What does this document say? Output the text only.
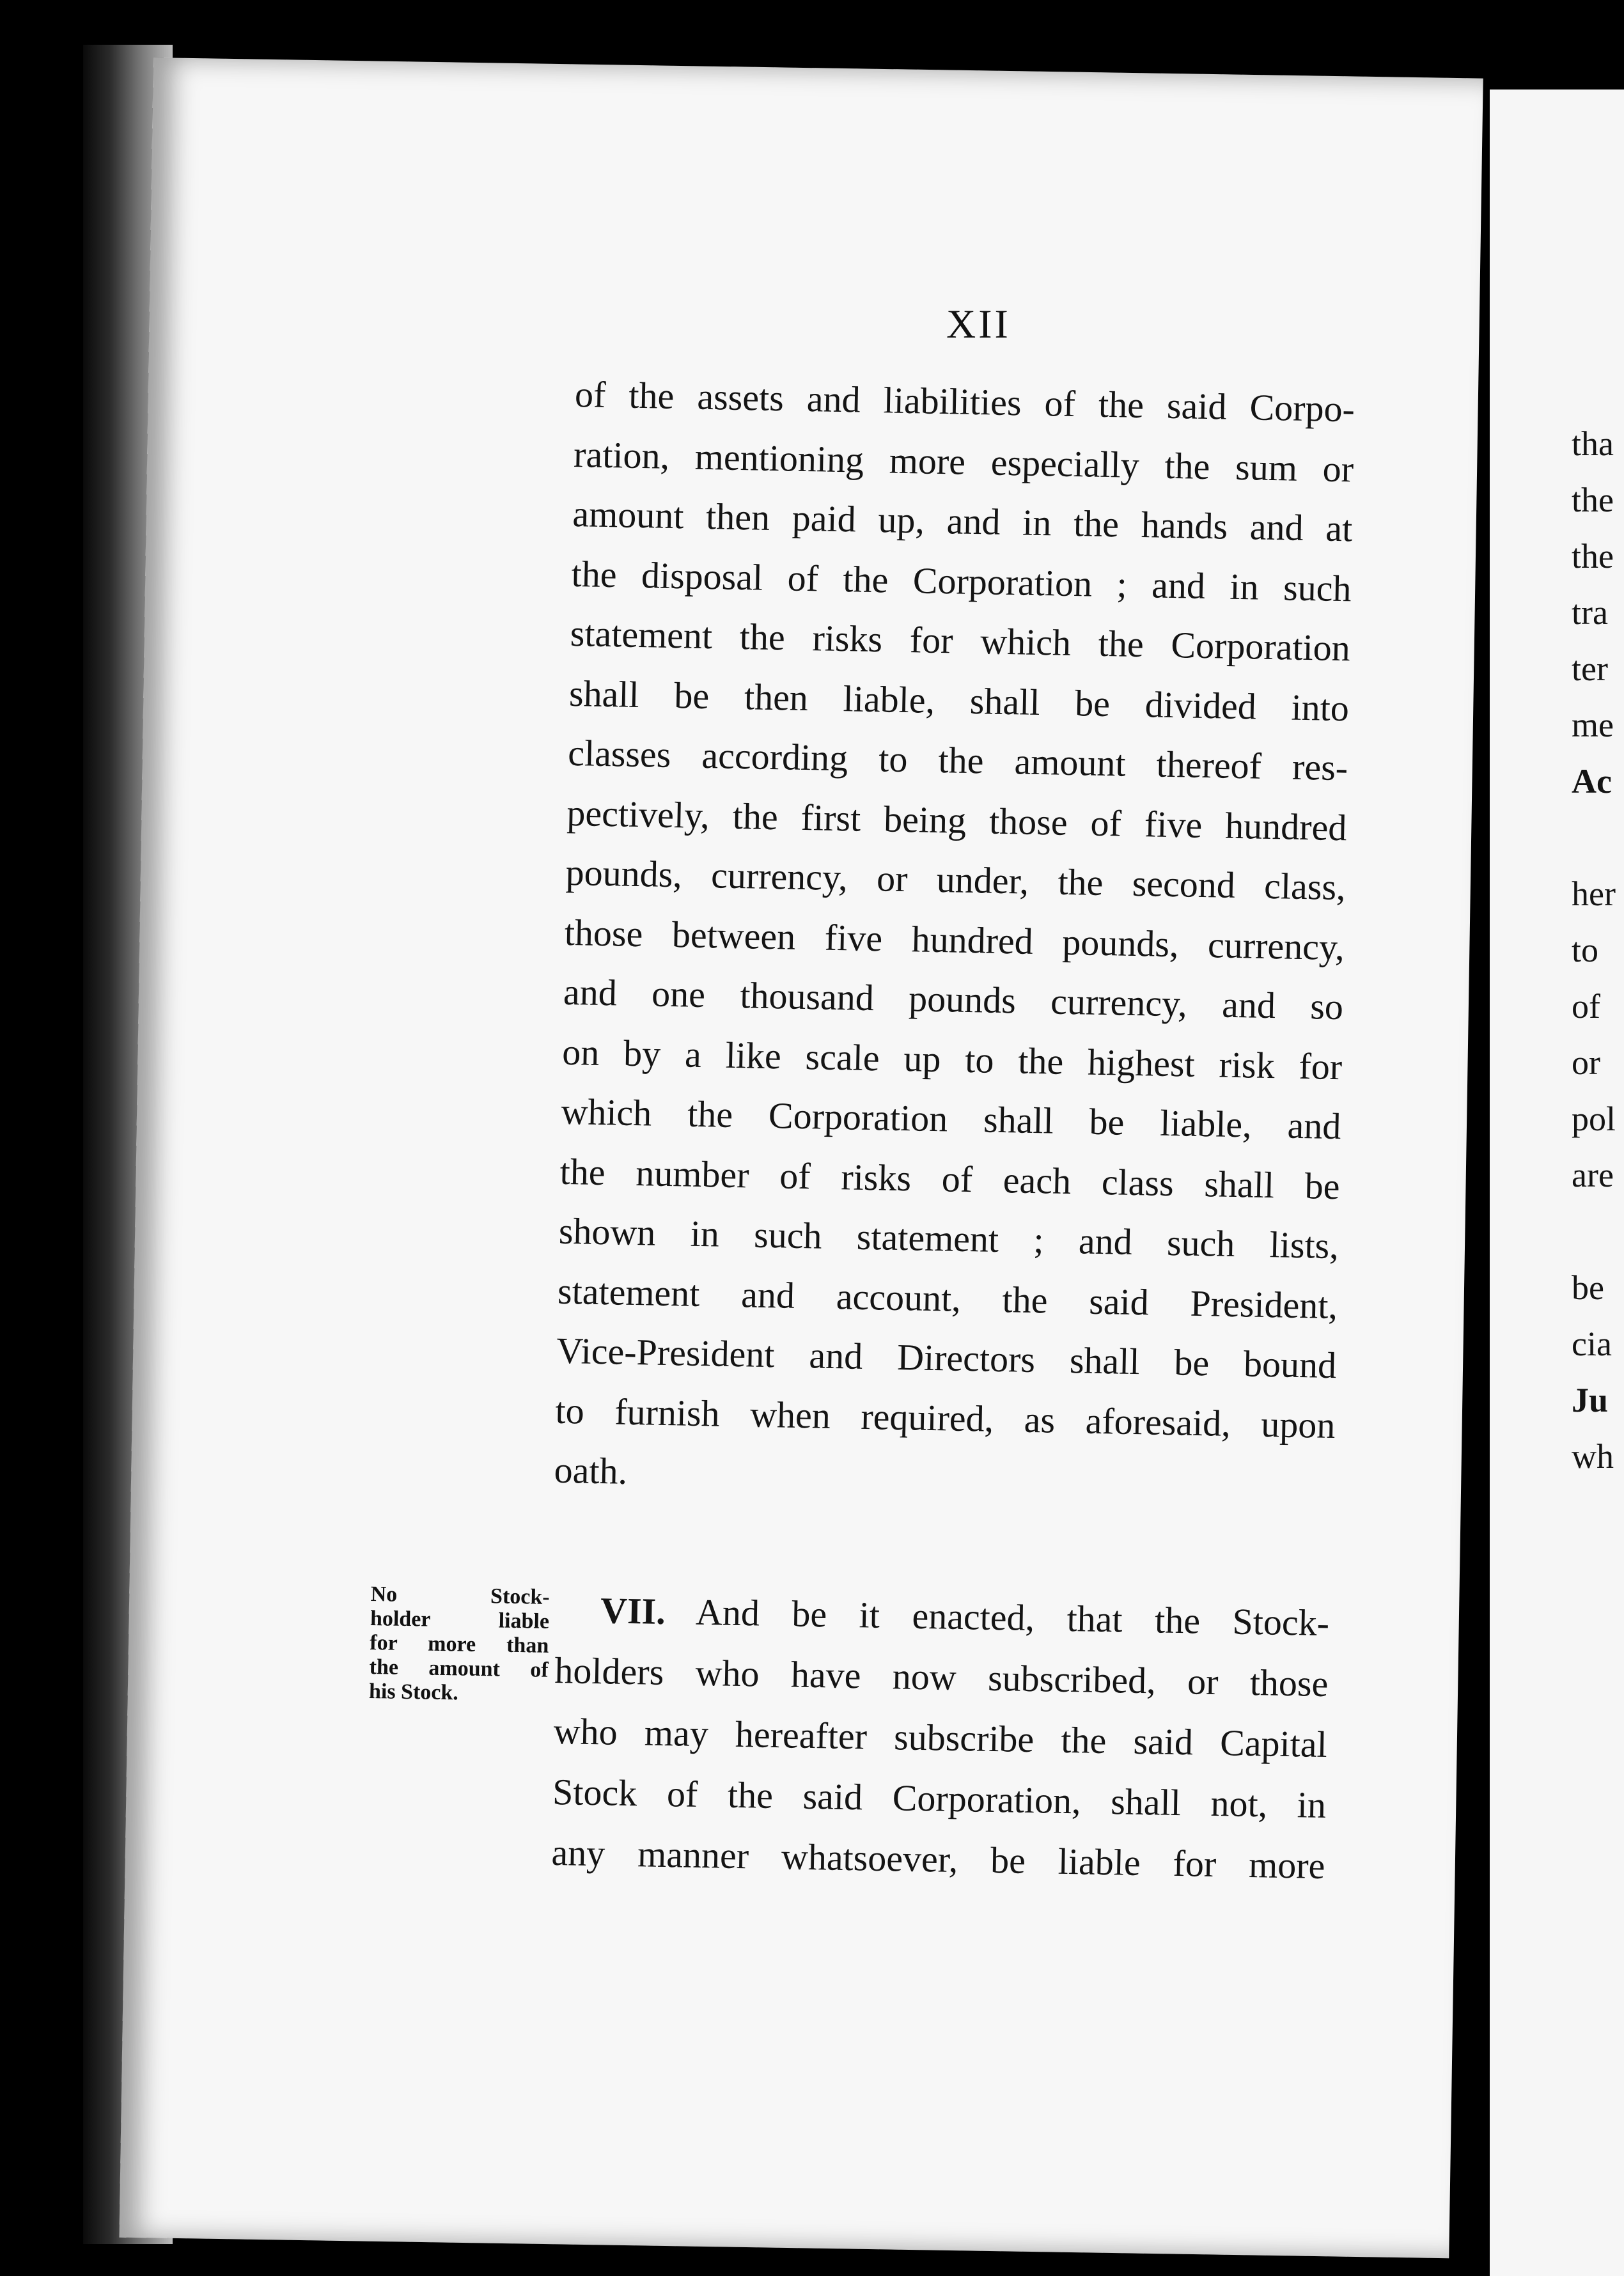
XII
of the assets and liabilities of the said Corpo-
ration, mentioning more especially the sum or
amount then paid up, and in the hands and at
the disposal of the Corporation ; and in such
statement the risks for which the Corporation
shall be then liable, shall be divided into
classes according to the amount thereof res-
pectively, the first being those of five hundred
pounds, currency, or under, the second class,
those between five hundred pounds, currency,
and one thousand pounds currency, and so
on by a like scale up to the highest risk for
which the Corporation shall be liable, and
the number of risks of each class shall be
shown in such statement ; and such lists,
statement and account, the said President,
Vice-President and Directors shall be bound
to furnish when required, as aforesaid, upon
oath.
No Stock-
holder liable
for more than
the amount of
his Stock.
VII. And be it enacted, that the Stock-
holders who have now subscribed, or those
who may hereafter subscribe the said Capital
Stock of the said Corporation, shall not, in
any manner whatsoever, be liable for more
tha
the
the
tra
ter
me
Ac
her
to
of
or
pol
are
be
cia
Ju
wh
